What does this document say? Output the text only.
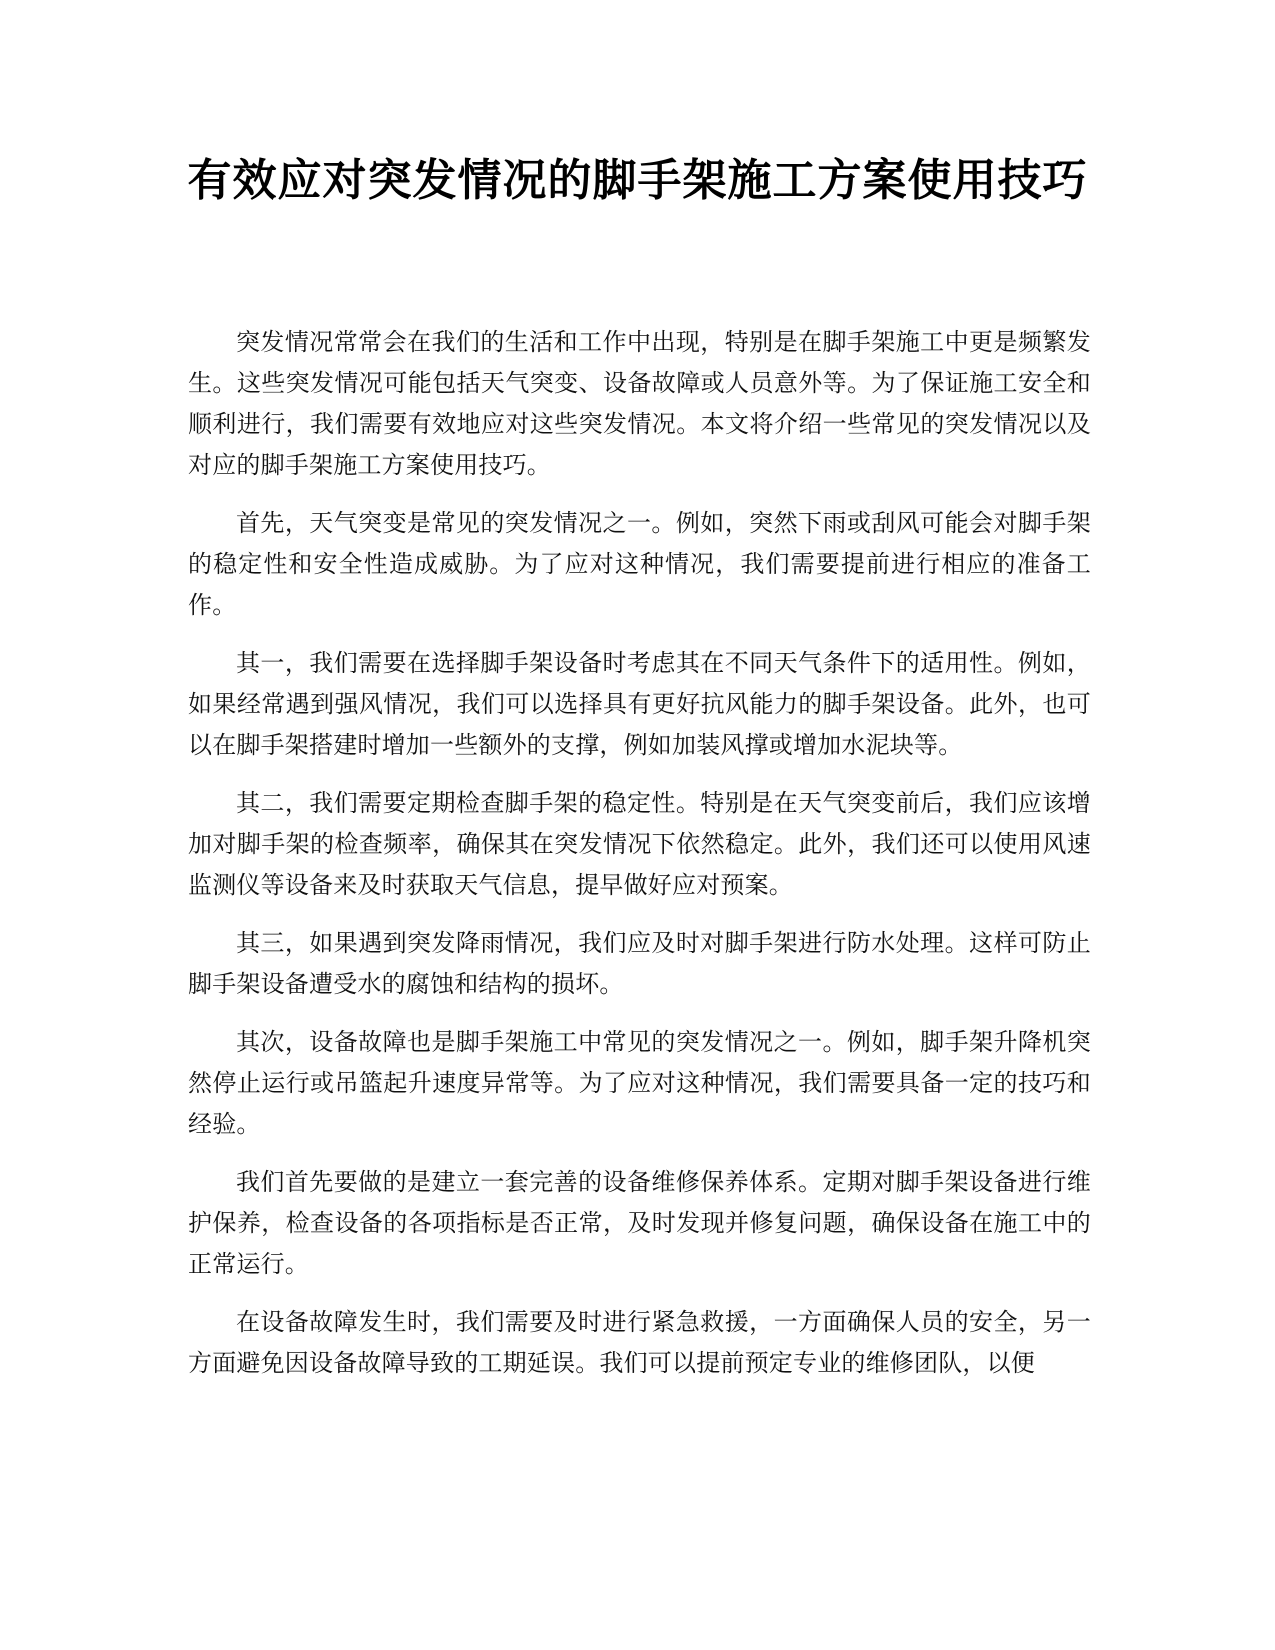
有效应对突发情况的脚手架施工方案使用技巧

突发情况常常会在我们的生活和工作中出现，特别是在脚手架施工中更是频繁发生。这些突发情况可能包括天气突变、设备故障或人员意外等。为了保证施工安全和顺利进行，我们需要有效地应对这些突发情况。本文将介绍一些常见的突发情况以及对应的脚手架施工方案使用技巧。

首先，天气突变是常见的突发情况之一。例如，突然下雨或刮风可能会对脚手架的稳定性和安全性造成威胁。为了应对这种情况，我们需要提前进行相应的准备工作。

其一，我们需要在选择脚手架设备时考虑其在不同天气条件下的适用性。例如，如果经常遇到强风情况，我们可以选择具有更好抗风能力的脚手架设备。此外，也可以在脚手架搭建时增加一些额外的支撑，例如加装风撑或增加水泥块等。

其二，我们需要定期检查脚手架的稳定性。特别是在天气突变前后，我们应该增加对脚手架的检查频率，确保其在突发情况下依然稳定。此外，我们还可以使用风速监测仪等设备来及时获取天气信息，提早做好应对预案。

其三，如果遇到突发降雨情况，我们应及时对脚手架进行防水处理。这样可防止脚手架设备遭受水的腐蚀和结构的损坏。

其次，设备故障也是脚手架施工中常见的突发情况之一。例如，脚手架升降机突然停止运行或吊篮起升速度异常等。为了应对这种情况，我们需要具备一定的技巧和经验。

我们首先要做的是建立一套完善的设备维修保养体系。定期对脚手架设备进行维护保养，检查设备的各项指标是否正常，及时发现并修复问题，确保设备在施工中的正常运行。

在设备故障发生时，我们需要及时进行紧急救援，一方面确保人员的安全，另一方面避免因设备故障导致的工期延误。我们可以提前预定专业的维修团队，以便
